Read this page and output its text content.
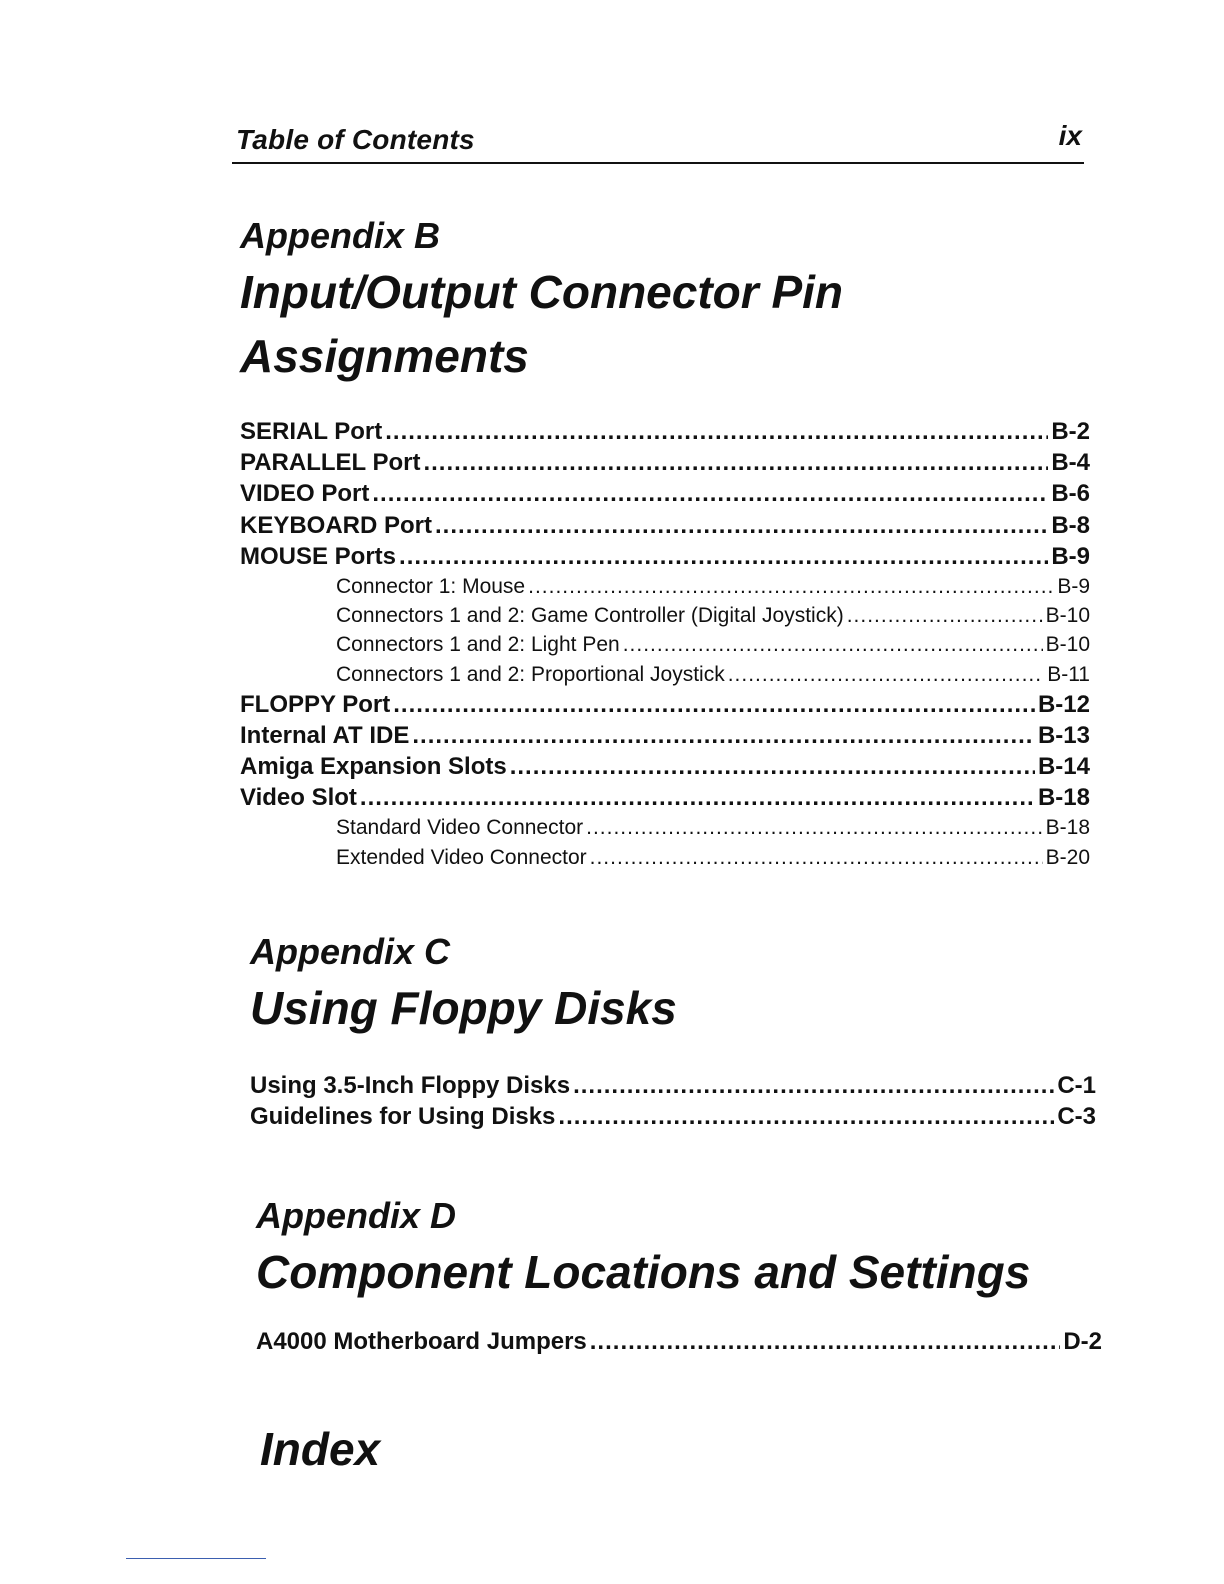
Table of Contents	ix
Appendix B
Input/Output Connector Pin
Assignments
SERIAL Port .....	B-2
PARALLEL Port .....	B-4
VIDEO Port .....	B-6
KEYBOARD Port .....	B-8
MOUSE Ports .....	B-9
Connector 1: Mouse .....	B-9
Connectors 1 and 2: Game Controller (Digital Joystick) .....	B-10
Connectors 1 and 2: Light Pen .....	B-10
Connectors 1 and 2: Proportional Joystick .....	B-11
FLOPPY Port .....	B-12
Internal AT IDE .....	B-13
Amiga Expansion Slots .....	B-14
Video Slot .....	B-18
Standard Video Connector .....	B-18
Extended Video Connector .....	B-20
Appendix C
Using Floppy Disks
Using 3.5-Inch Floppy Disks .....	C-1
Guidelines for Using Disks .....	C-3
Appendix D
Component Locations and Settings
A4000 Motherboard Jumpers .....	D-2
Index
